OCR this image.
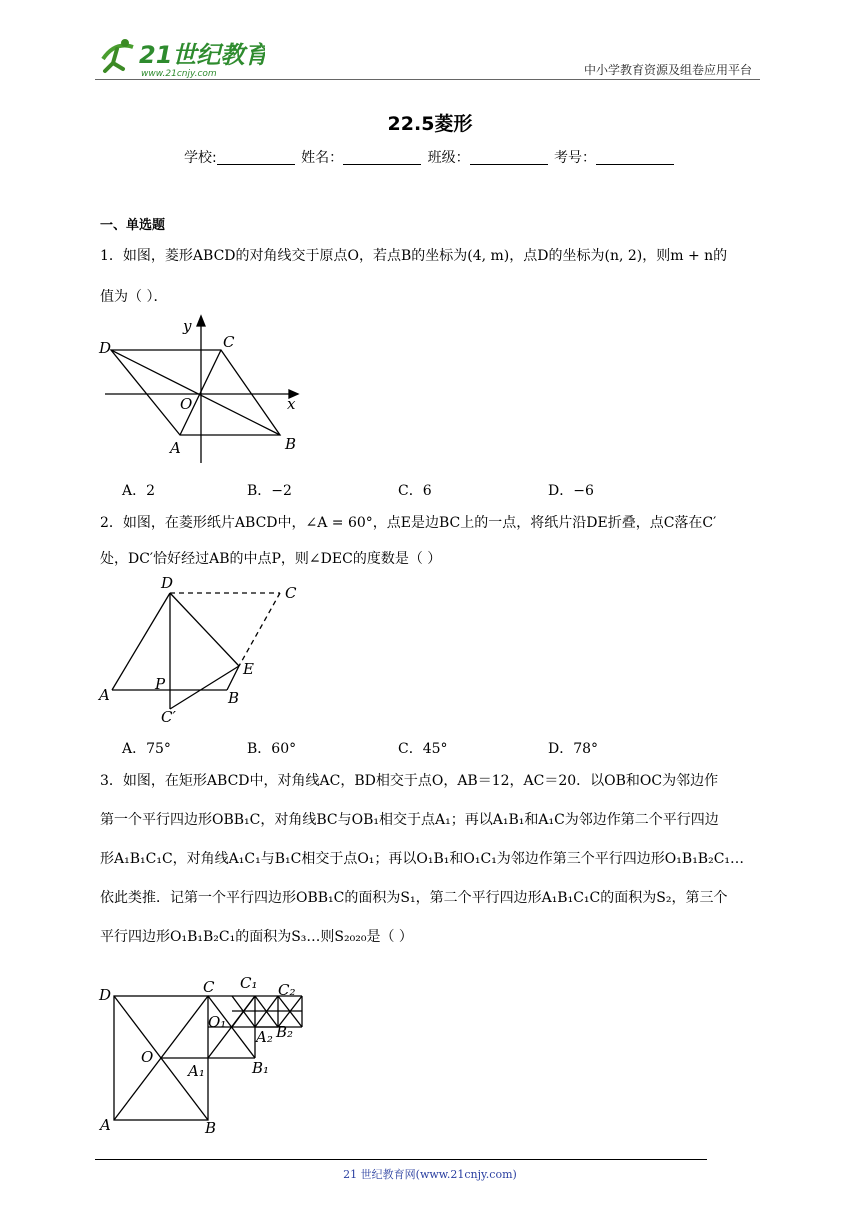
21世纪教育
www.21cnjy.com	中小学教育资源及组卷应用平台
22.5菱形
学校:	姓名：	班级：	考号：
一、单选题
1．如图，菱形ABCD的对角线交于原点O，若点B的坐标为(4, m)，点D的坐标为(n, 2)，则m + n的
值为（ ）．
y
x
D	C
O
A	B
A．2	B．−2	C．6	D．−6
2．如图，在菱形纸片ABCD中，∠A = 60°，点E是边BC上的一点，将纸片沿DE折叠，点C落在C′
处，DC′恰好经过AB的中点P，则∠DEC的度数是（ ）
D
C
E
A
P
B
C′
A．75°	B．60°	C．45°	D．78°
3．如图，在矩形ABCD中，对角线AC，BD相交于点O，AB＝12，AC＝20．以OB和OC为邻边作
第一个平行四边形OBB₁C，对角线BC与OB₁相交于点A₁；再以A₁B₁和A₁C为邻边作第二个平行四边
形A₁B₁C₁C，对角线A₁C₁与B₁C相交于点O₁；再以O₁B₁和O₁C₁为邻边作第三个平行四边形O₁B₁B₂C₁…
依此类推．记第一个平行四边形OBB₁C的面积为S₁，第二个平行四边形A₁B₁C₁C的面积为S₂，第三个
平行四边形O₁B₁B₂C₁的面积为S₃…则S₂₀₂₀是（ ）
D	C C₁ C₂
O₁
A₂ B₂
O
A₁	B₁
A	B
21 世纪教育网(www.21cnjy.com)
